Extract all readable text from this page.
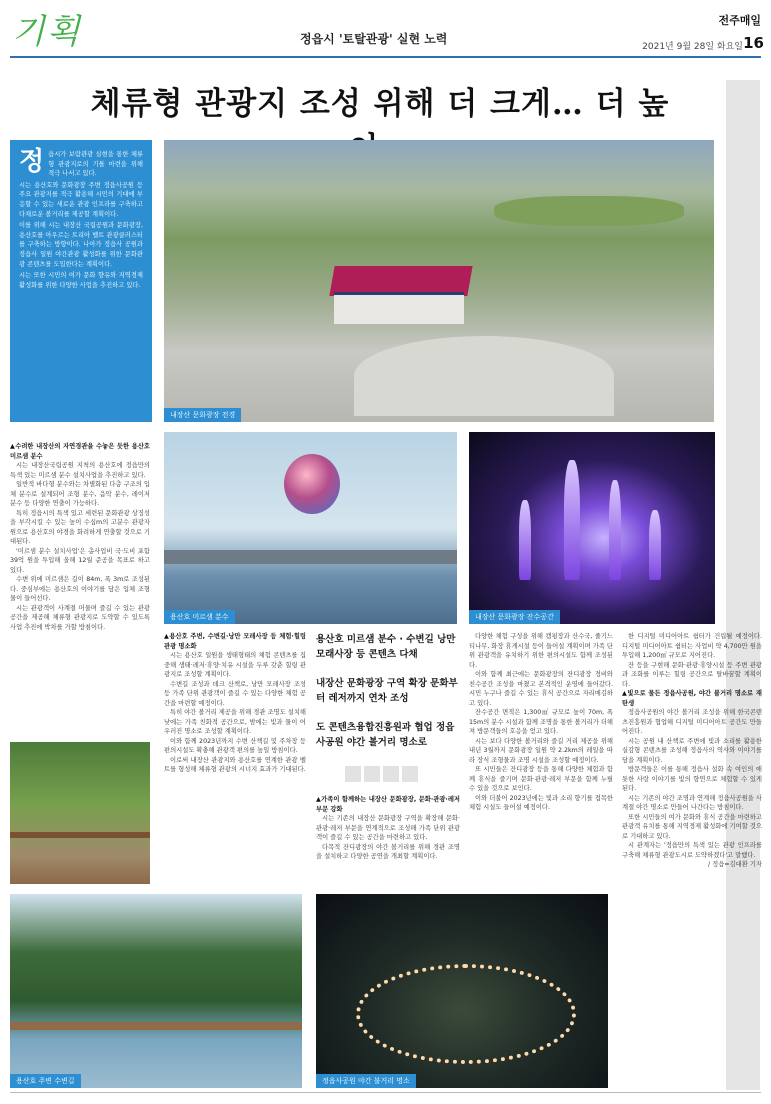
기획	정읍시 '토탈관광' 실현 노력
전주매일
2021년 9월 28일 화요일 16
체류형 관광지 조성 위해 더 크게… 더 높
정 읍시가 보람관광 실현을 통한 체류형 관광지로의 기틀 마련을 위해 적극 나서고 있다.
시는 용산호와 문화광장 주변 정읍사공원 등 주요 관광지를 적극 활용해 시민의 기대에 부응할 수 있는 새로운 관광 인프라를 구축하고 다채로운 볼거리를 제공할 계획이다.
이를 위해 시는 내장산 국립공원과 문화광장, 용산호를 아우르는 트리아 벨트 관광클러스터를 구축하는 방향이다. 나아가 정읍사 공원과 정읍사 일원 야간관광 활성화를 위한 문화관광 콘텐츠를 도입한다는 계획이다.
시는 또한 시민의 여가 문화 향유와 지역경제 활성화를 위한 다양한 사업을 추진하고 있다.
내장산 문화광장 전경
용산호 미르샘 분수	내장산 문화광장 잔수공간
용산호 주변 수변길	정읍사공원 야간 불거리 명소
▲수려한 내장산의 자연경관을 수놓은 듯한 용산호 미르샘 분수
시는 내장산국립공원 지척의 용산호에 정읍만의 특색 있는 미르샘 분수 설치사업을 추진하고 있다.
일반적 바다형 분수와는 차별화된 다층 구조의 입체 분수로 설계되어 조형 분수, 음악 분수, 레이저 분수 등 다양한 연출이 가능하다.
특히 정읍시의 특색 있고 세련된 문화관광 상징성을 부각시킬 수 있는 높이 수십m의 고분수 관광자원으로 용산호의 야경을 화려하게 연출할 것으로 기대된다.
'미르샘 분수 설치사업'은 총사업비 국·도비 포함 39억 원을 투입해 올해 12월 준공을 목표로 하고 있다.
수변 위에 미르샘은 길이 84m, 폭 3m로 조성된다. 중심부에는 용산호의 이야기를 담은 입체 조형물이 들어선다.
시는 관광객이 사계절 머물며 즐길 수 있는 관광 공간을 제공해 체류형 관광지로 도약할 수 있도록 사업 추진에 박차를 가할 방침이다.
▲용산호 주변, 수변길·낭만 모래사장 등 체험·힐링 관광 명소화
시는 용산호 일원을 생태형태의 체험 콘텐츠를 집중해 생태·레저·휴양·치유 시설을 두루 갖춘 힐링 관광지로 조성할 계획이다.
수변길 조성과 데크 산책로, 낭만 모래사장 조성 등 가족 단위 관광객이 즐길 수 있는 다양한 체험 공간을 마련할 예정이다.
특히 야간 볼거리 제공을 위해 경관 조명도 설치해 낮에는 가족 친화적 공간으로, 밤에는 빛과 물이 어우러진 명소로 조성할 계획이다.
이와 함께 2023년까지 수변 산책길 및 주차장 등 편의시설도 확충해 관광객 편의를 높일 방침이다.
이로써 내장산 관광지와 용산호를 연계한 관광 벨트를 형성해 체류형 관광의 시너지 효과가 기대된다.
용산호 미르샘 분수 · 수변길 낭만 모래사장 등 콘텐츠 다채
내장산 문화광장 구역 확장 문화부터 레저까지 연차 조성
도 콘텐츠융합진흥원과 협업 정읍사공원 야간 볼거리 명소로
▲가족이 함께하는 내장산 문화광장, 문화·관광·레저 부문 강화
시는 기존의 내장산 문화광장 구역을 확장해 문화·관광·레저 부문을 연계적으로 조성해 가족 단위 관광객이 즐길 수 있는 공간을 마련하고 있다.
다목적 잔디광장의 야간 볼거리를 위해 경관 조명을 설치하고 다양한 공연을 개최할 계획이다.
다양한 체험 구성을 위해 캠핑장과 산수국, 줄기느티나무, 화장 휴게시설 등이 들어설 계획이며 가족 단위 관광객을 유치하기 위한 편의시설도 함께 조성된다.
이와 함께 최근에는 문화광장의 잔디광장 정비와 친수공간 조성을 마쳤고 본격적인 운영에 들어갔다. 시민 누구나 즐길 수 있는 휴식 공간으로 자리매김하고 있다.
잔수공간 면적은 1,300㎡ 규모로 높이 70m, 폭 15m의 분수 시설과 함께 조명을 통한 볼거리가 더해져 방문객들의 호응을 얻고 있다.
시는 보다 다양한 볼거리와 즐길 거리 제공을 위해 내년 3월까지 문화광장 일원 약 2.2km의 레일을 따라 장식 조형물과 조명 시설을 조성할 예정이다.
또 시민들은 잔디광장 등을 통해 다양한 체험과 함께 휴식을 즐기며 문화·관광·레저 부문을 함께 누릴 수 있을 것으로 보인다.
이와 더불어 2023년에는 빛과 소리 향기를 접목한 체험 시설도 들어설 예정이다.
한 디지털 미디어아트 쉼터가 건립될 예정이다. 디지털 미디어아트 쉼터는 사업비 약 4,700만 원을 투입해 1,200㎡ 규모로 지어진다.
잔 등을 구현해 문화·관광·휴양시설 등 주변 관광과 조화를 이루는 힐링 공간으로 탈바꿈할 계획이다.
▲빛으로 물든 정읍사공원, 야간 볼거리 명소로 재탄생
정읍사공원의 야간 볼거리 조성을 위해 한국콘텐츠진흥원과 협업해 디지털 미디어아트 공간도 만들어진다.
시는 공원 내 산책로 주변에 빛과 소리를 활용한 실감형 콘텐츠를 조성해 정읍사의 역사와 이야기를 담을 계획이다.
방문객들은 이를 통해 정읍사 설화 속 여인의 애틋한 사랑 이야기를 빛의 향연으로 체험할 수 있게 된다.
시는 기존의 야간 조명과 연계해 정읍사공원을 사계절 야간 명소로 만들어 나간다는 방침이다.
또한 시민들의 여가 문화와 휴식 공간을 마련하고 관광객 유치를 통해 지역경제 활성화에 기여할 것으로 기대하고 있다.
시 관계자는 '정읍만의 특색 있는 관광 인프라를 구축해 체류형 관광도시로 도약하겠다'고 말했다.
/ 정읍=김대환 기자
